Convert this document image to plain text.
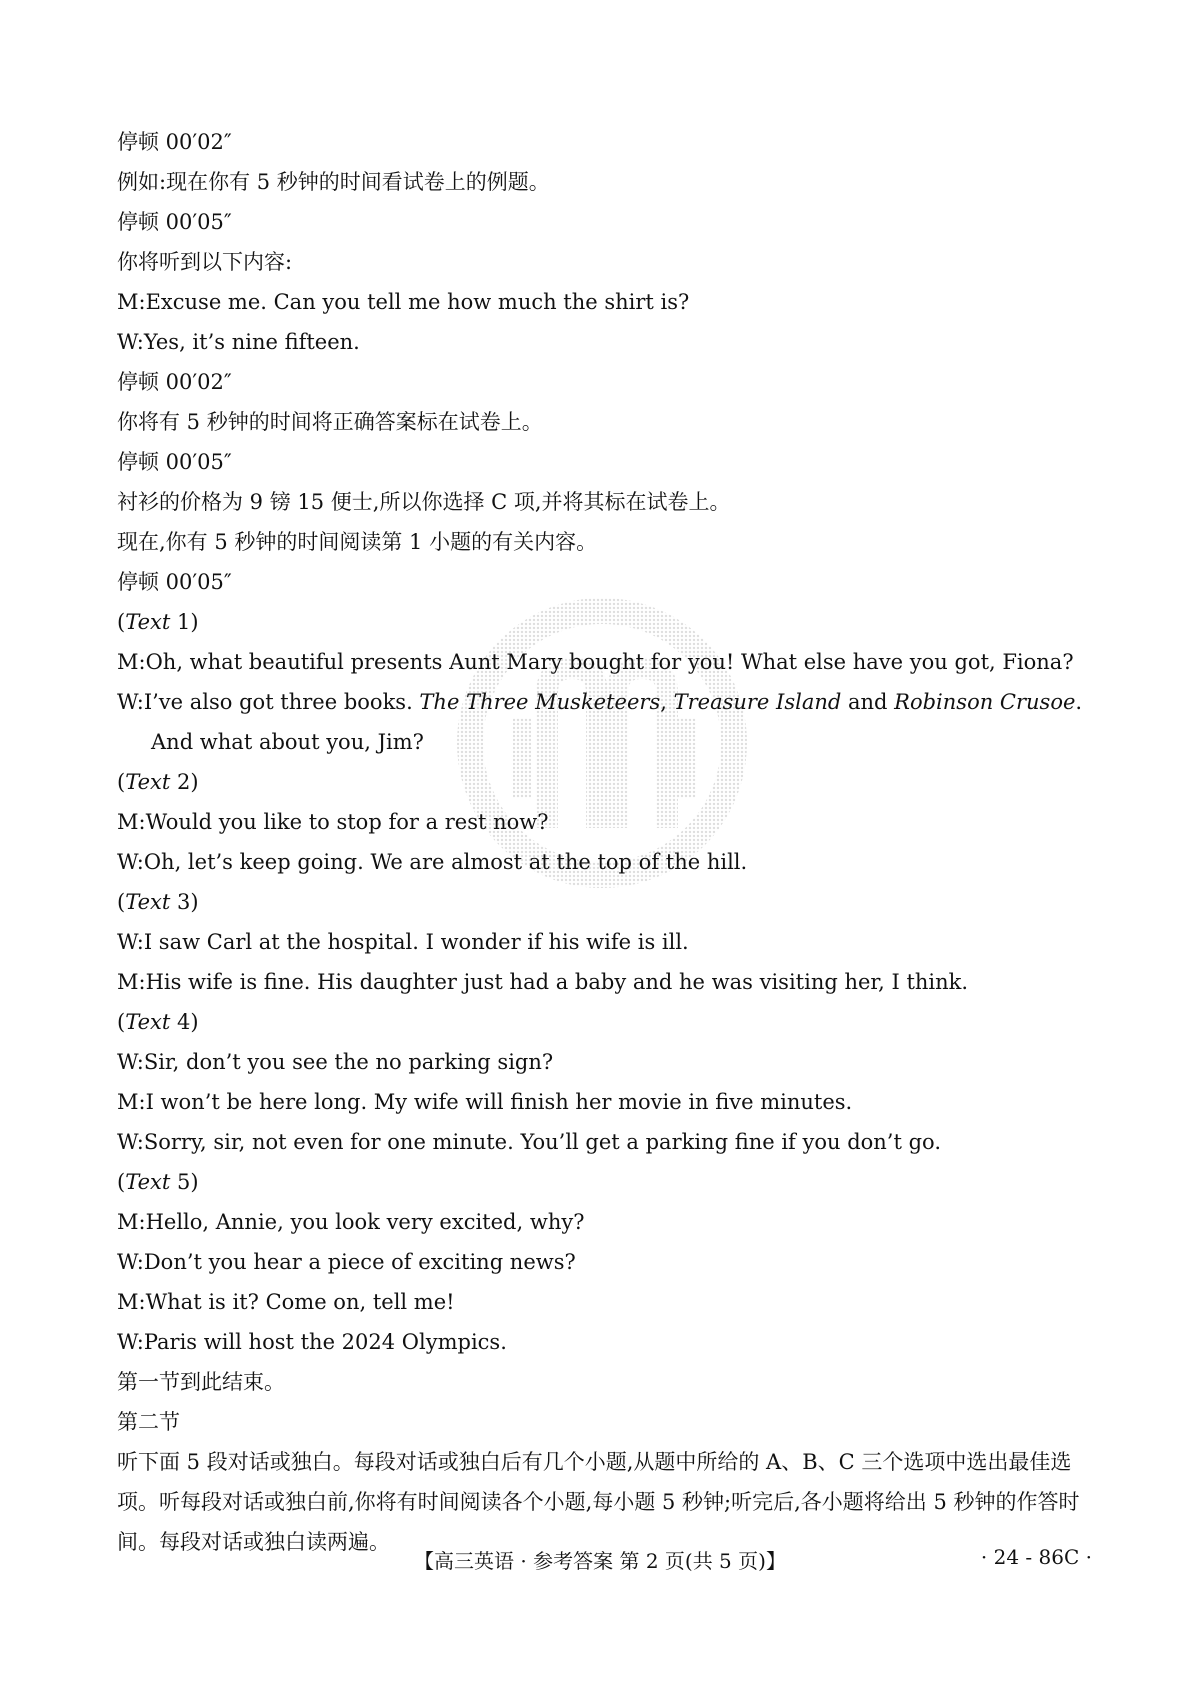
停顿 00′02″
例如:现在你有 5 秒钟的时间看试卷上的例题。
停顿 00′05″
你将听到以下内容:
M:Excuse me. Can you tell me how much the shirt is?
W:Yes, it’s nine fifteen.
停顿 00′02″
你将有 5 秒钟的时间将正确答案标在试卷上。
停顿 00′05″
衬衫的价格为 9 镑 15 便士,所以你选择 C 项,并将其标在试卷上。
现在,你有 5 秒钟的时间阅读第 1 小题的有关内容。
停顿 00′05″
(Text 1)
M:Oh, what beautiful presents Aunt Mary bought for you! What else have you got, Fiona?
W:I’ve also got three books. The Three Musketeers, Treasure Island and Robinson Crusoe.
And what about you, Jim?
(Text 2)
M:Would you like to stop for a rest now?
W:Oh, let’s keep going. We are almost at the top of the hill.
(Text 3)
W:I saw Carl at the hospital. I wonder if his wife is ill.
M:His wife is fine. His daughter just had a baby and he was visiting her, I think.
(Text 4)
W:Sir, don’t you see the no parking sign?
M:I won’t be here long. My wife will finish her movie in five minutes.
W:Sorry, sir, not even for one minute. You’ll get a parking fine if you don’t go.
(Text 5)
M:Hello, Annie, you look very excited, why?
W:Don’t you hear a piece of exciting news?
M:What is it? Come on, tell me!
W:Paris will host the 2024 Olympics.
第一节到此结束。
第二节
听下面 5 段对话或独白。每段对话或独白后有几个小题,从题中所给的 A、B、C 三个选项中选出最佳选项。听每段对话或独白前,你将有时间阅读各个小题,每小题 5 秒钟;听完后,各小题将给出 5 秒钟的作答时间。每段对话或独白读两遍。
【高三英语 · 参考答案 第 2 页(共 5 页)】	· 24 - 86C ·
